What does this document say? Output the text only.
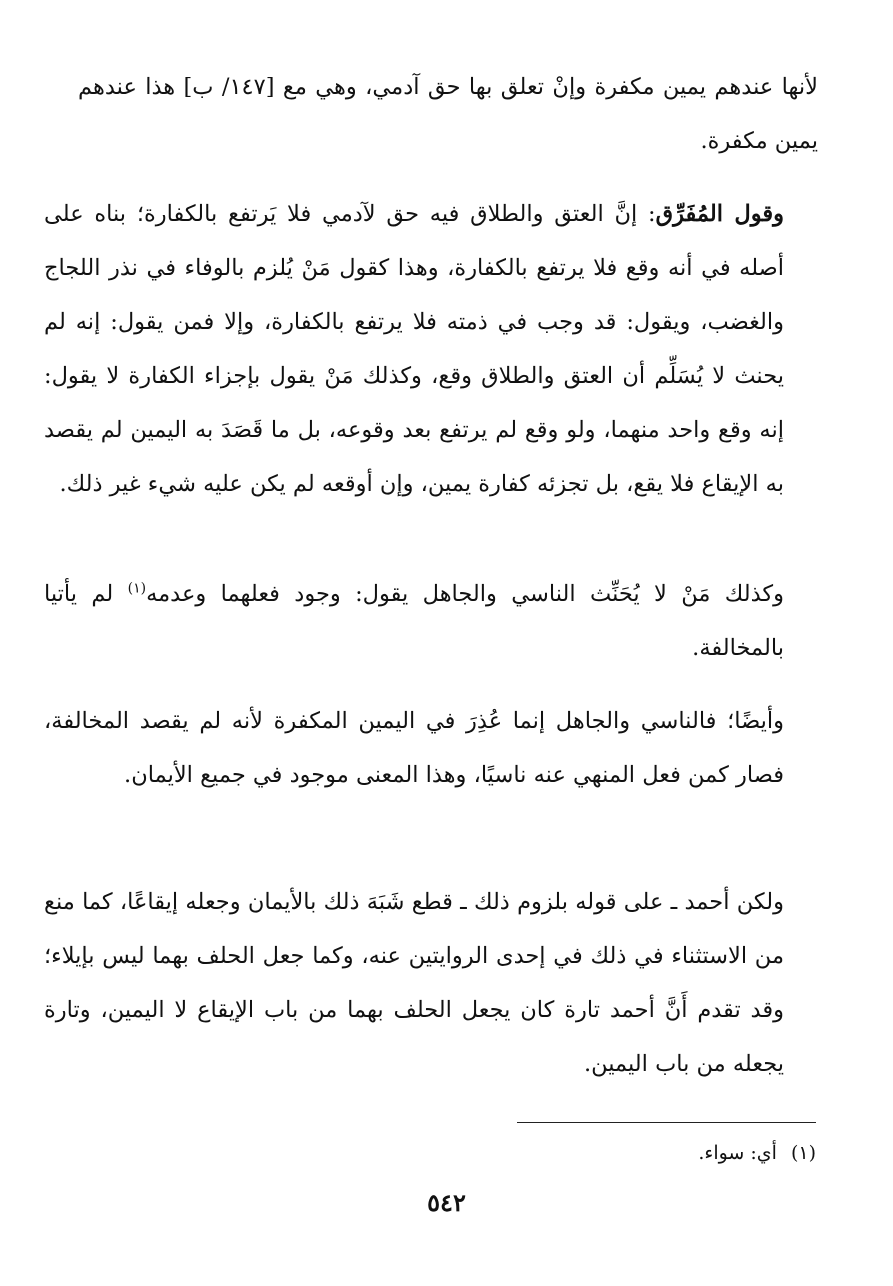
لأنها عندهم يمين مكفرة وإنْ تعلق بها حق آدمي، وهي مع [١٤٧/ ب] هذا عندهم يمين مكفرة.

وقول المُفَرِّق: إنَّ العتق والطلاق فيه حق لآدمي فلا يَرتفع بالكفارة؛ بناه على أصله في أنه وقع فلا يرتفع بالكفارة، وهذا كقول مَنْ يُلزم بالوفاء في نذر اللجاج والغضب، ويقول: قد وجب في ذمته فلا يرتفع بالكفارة، وإلا فمن يقول: إنه لم يحنث لا يُسَلِّم أن العتق والطلاق وقع، وكذلك مَنْ يقول بإجزاء الكفارة لا يقول: إنه وقع واحد منهما، ولو وقع لم يرتفع بعد وقوعه، بل ما قَصَدَ به اليمين لم يقصد به الإيقاع فلا يقع، بل تجزئه كفارة يمين، وإن أوقعه لم يكن عليه شيء غير ذلك.

وكذلك مَنْ لا يُحَنِّث الناسي والجاهل يقول: وجود فعلهما وعدمه$^{(١)}$ لم يأتيا بالمخالفة.

وأيضًا؛ فالناسي والجاهل إنما عُذِرَ في اليمين المكفرة لأنه لم يقصد المخالفة، فصار كمن فعل المنهي عنه ناسيًا، وهذا المعنى موجود في جميع الأيمان.

ولكن أحمد ـ على قوله بلزوم ذلك ـ قطع شَبَهَ ذلك بالأيمان وجعله إيقاعًا، كما منع من الاستثناء في ذلك في إحدى الروايتين عنه، وكما جعل الحلف بهما ليس بإيلاء؛ وقد تقدم أَنَّ أحمد تارة كان يجعل الحلف بهما من باب الإيقاع لا اليمين، وتارة يجعله من باب اليمين.

(١)أي: سواء.
٥٤٢
